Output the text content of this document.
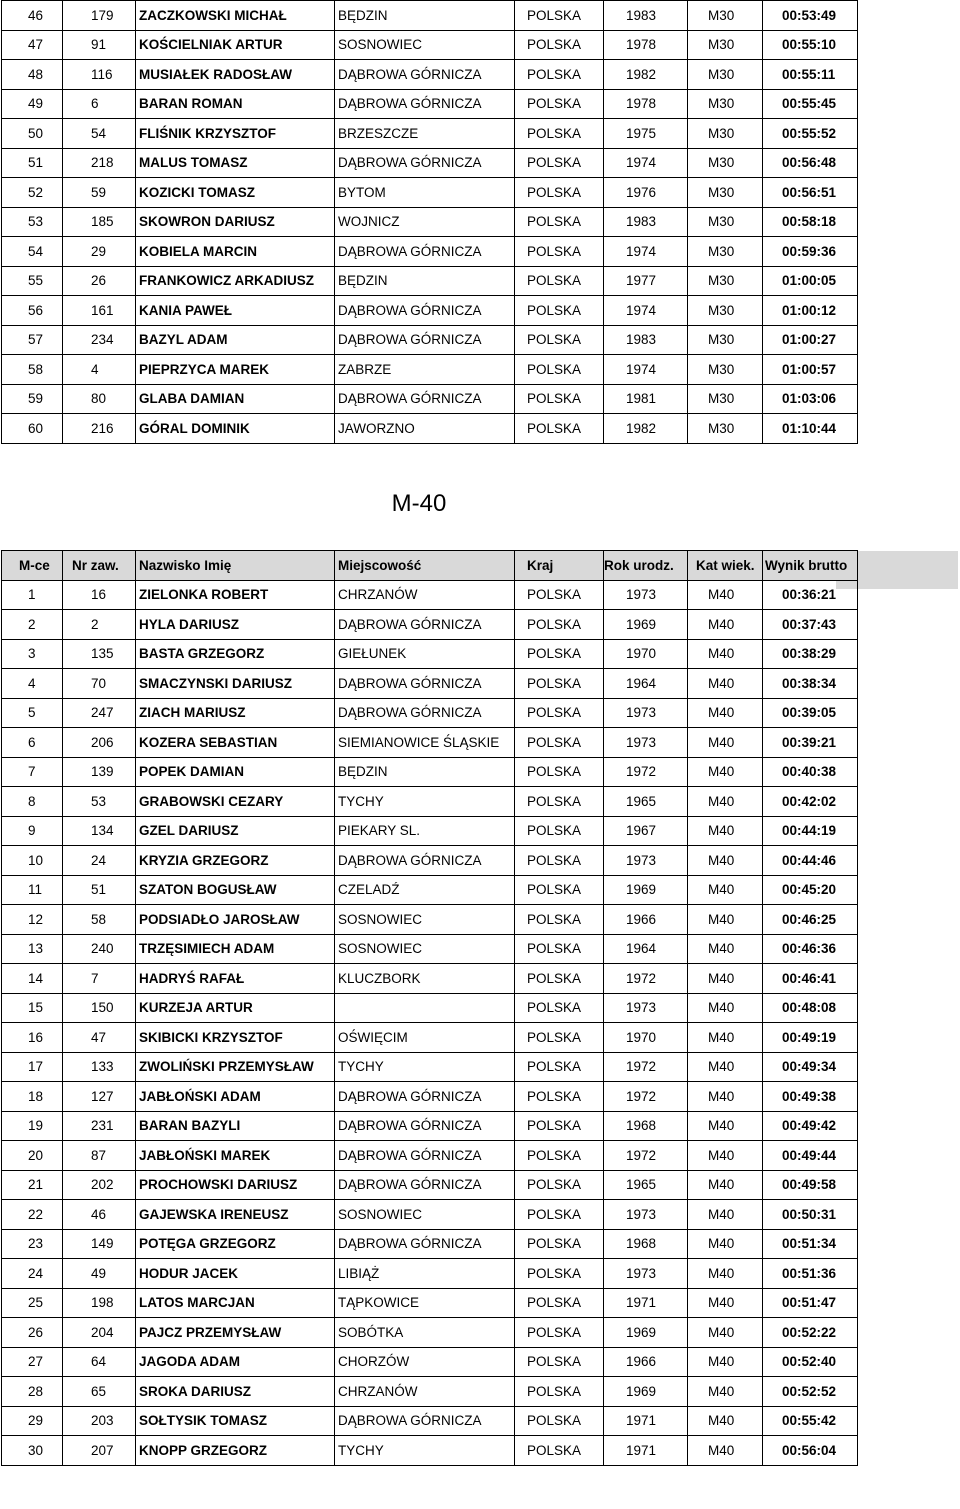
46	179	ZACZKOWSKI MICHAŁ	BĘDZIN	POLSKA	1983	M30	00:53:49
47	91	KOŚCIELNIAK ARTUR	SOSNOWIEC	POLSKA	1978	M30	00:55:10
48	116	MUSIAŁEK RADOSŁAW	DĄBROWA GÓRNICZA	POLSKA	1982	M30	00:55:11
49	6	BARAN ROMAN	DĄBROWA GÓRNICZA	POLSKA	1978	M30	00:55:45
50	54	FLIŚNIK KRZYSZTOF	BRZESZCZE	POLSKA	1975	M30	00:55:52
51	218	MALUS TOMASZ	DĄBROWA GÓRNICZA	POLSKA	1974	M30	00:56:48
52	59	KOZICKI TOMASZ	BYTOM	POLSKA	1976	M30	00:56:51
53	185	SKOWRON DARIUSZ	WOJNICZ	POLSKA	1983	M30	00:58:18
54	29	KOBIELA MARCIN	DĄBROWA GÓRNICZA	POLSKA	1974	M30	00:59:36
55	26	FRANKOWICZ ARKADIUSZ	BĘDZIN	POLSKA	1977	M30	01:00:05
56	161	KANIA PAWEŁ	DĄBROWA GÓRNICZA	POLSKA	1974	M30	01:00:12
57	234	BAZYL ADAM	DĄBROWA GÓRNICZA	POLSKA	1983	M30	01:00:27
58	4	PIEPRZYCA MAREK	ZABRZE	POLSKA	1974	M30	01:00:57
59	80	GLABA DAMIAN	DĄBROWA GÓRNICZA	POLSKA	1981	M30	01:03:06
60	216	GÓRAL DOMINIK	JAWORZNO	POLSKA	1982	M30	01:10:44
M-40
M-ce	Nr zaw.	Nazwisko Imię	Miejscowość	Kraj	Rok urodz.	Kat wiek.	Wynik brutto
1	16	ZIELONKA ROBERT	CHRZANÓW	POLSKA	1973	M40	00:36:21
2	2	HYLA DARIUSZ	DĄBROWA GÓRNICZA	POLSKA	1969	M40	00:37:43
3	135	BASTA GRZEGORZ	GIEŁUNEK	POLSKA	1970	M40	00:38:29
4	70	SMACZYNSKI DARIUSZ	DĄBROWA GÓRNICZA	POLSKA	1964	M40	00:38:34
5	247	ZIACH MARIUSZ	DĄBROWA GÓRNICZA	POLSKA	1973	M40	00:39:05
6	206	KOZERA SEBASTIAN	SIEMIANOWICE ŚLĄSKIE	POLSKA	1973	M40	00:39:21
7	139	POPEK DAMIAN	BĘDZIN	POLSKA	1972	M40	00:40:38
8	53	GRABOWSKI CEZARY	TYCHY	POLSKA	1965	M40	00:42:02
9	134	GZEL DARIUSZ	PIEKARY SL.	POLSKA	1967	M40	00:44:19
10	24	KRYZIA GRZEGORZ	DĄBROWA GÓRNICZA	POLSKA	1973	M40	00:44:46
11	51	SZATON BOGUSŁAW	CZELADŹ	POLSKA	1969	M40	00:45:20
12	58	PODSIADŁO JAROSŁAW	SOSNOWIEC	POLSKA	1966	M40	00:46:25
13	240	TRZĘSIMIECH ADAM	SOSNOWIEC	POLSKA	1964	M40	00:46:36
14	7	HADRYŚ RAFAŁ	KLUCZBORK	POLSKA	1972	M40	00:46:41
15	150	KURZEJA ARTUR		POLSKA	1973	M40	00:48:08
16	47	SKIBICKI KRZYSZTOF	OŚWIĘCIM	POLSKA	1970	M40	00:49:19
17	133	ZWOLIŃSKI PRZEMYSŁAW	TYCHY	POLSKA	1972	M40	00:49:34
18	127	JABŁOŃSKI ADAM	DĄBROWA GÓRNICZA	POLSKA	1972	M40	00:49:38
19	231	BARAN BAZYLI	DĄBROWA GÓRNICZA	POLSKA	1968	M40	00:49:42
20	87	JABŁOŃSKI MAREK	DĄBROWA GÓRNICZA	POLSKA	1972	M40	00:49:44
21	202	PROCHOWSKI DARIUSZ	DĄBROWA GÓRNICZA	POLSKA	1965	M40	00:49:58
22	46	GAJEWSKA IRENEUSZ	SOSNOWIEC	POLSKA	1973	M40	00:50:31
23	149	POTĘGA GRZEGORZ	DĄBROWA GÓRNICZA	POLSKA	1968	M40	00:51:34
24	49	HODUR JACEK	LIBIĄŻ	POLSKA	1973	M40	00:51:36
25	198	LATOS MARCJAN	TĄPKOWICE	POLSKA	1971	M40	00:51:47
26	204	PAJCZ PRZEMYSŁAW	SOBÓTKA	POLSKA	1969	M40	00:52:22
27	64	JAGODA ADAM	CHORZÓW	POLSKA	1966	M40	00:52:40
28	65	SROKA DARIUSZ	CHRZANÓW	POLSKA	1969	M40	00:52:52
29	203	SOŁTYSIK TOMASZ	DĄBROWA GÓRNICZA	POLSKA	1971	M40	00:55:42
30	207	KNOPP GRZEGORZ	TYCHY	POLSKA	1971	M40	00:56:04
